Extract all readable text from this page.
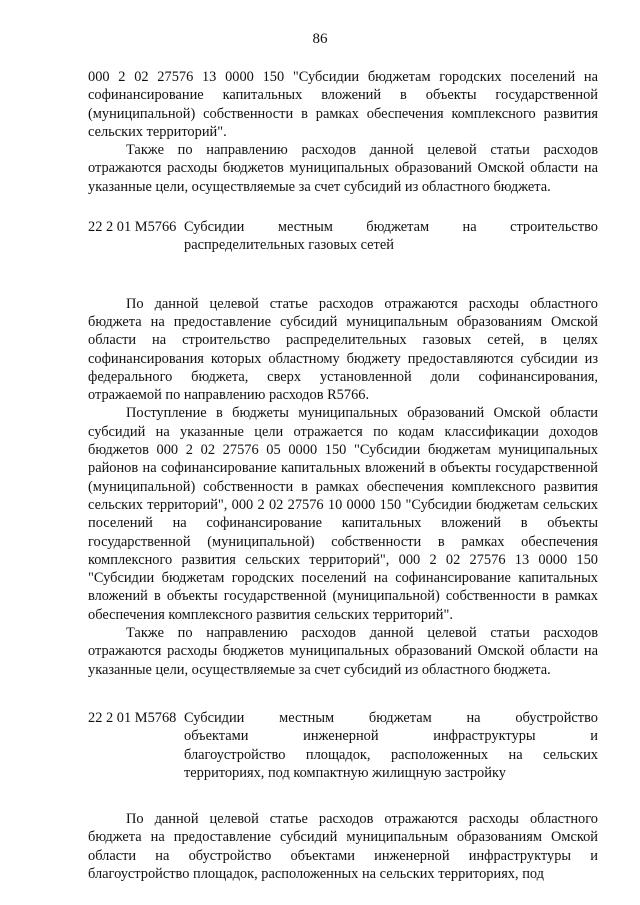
86

000 2 02 27576 13 0000 150 "Субсидии бюджетам городских поселений на софинансирование капитальных вложений в объекты государственной (муниципальной) собственности в рамках обеспечения комплексного развития сельских территорий".

Также по направлению расходов данной целевой статьи расходов отражаются расходы бюджетов муниципальных образований Омской области на указанные цели, осуществляемые за счет субсидий из областного бюджета.

22 2 01 M5766 Субсидии местным бюджетам на строительство
распределительных газовых сетей

По данной целевой статье расходов отражаются расходы областного бюджета на предоставление субсидий муниципальным образованиям Омской области на строительство распределительных газовых сетей, в целях софинансирования которых областному бюджету предоставляются субсидии из федерального бюджета, сверх установленной доли софинансирования, отражаемой по направлению расходов R5766.

Поступление в бюджеты муниципальных образований Омской области субсидий на указанные цели отражается по кодам классификации доходов бюджетов 000 2 02 27576 05 0000 150 "Субсидии бюджетам муниципальных районов на софинансирование капитальных вложений в объекты государственной (муниципальной) собственности в рамках обеспечения комплексного развития сельских территорий", 000 2 02 27576 10 0000 150 "Субсидии бюджетам сельских поселений на софинансирование капитальных вложений в объекты государственной (муниципальной) собственности в рамках обеспечения комплексного развития сельских территорий", 000 2 02 27576 13 0000 150 "Субсидии бюджетам городских поселений на софинансирование капитальных вложений в объекты государственной (муниципальной) собственности в рамках обеспечения комплексного развития сельских территорий".

Также по направлению расходов данной целевой статьи расходов отражаются расходы бюджетов муниципальных образований Омской области на указанные цели, осуществляемые за счет субсидий из областного бюджета.

22 2 01 M5768 Субсидии местным бюджетам на обустройство
объектами инженерной инфраструктуры и
благоустройство площадок, расположенных на сельских
территориях, под компактную жилищную застройку

По данной целевой статье расходов отражаются расходы областного бюджета на предоставление субсидий муниципальным образованиям Омской области на обустройство объектами инженерной инфраструктуры и благоустройство площадок, расположенных на сельских территориях, под
